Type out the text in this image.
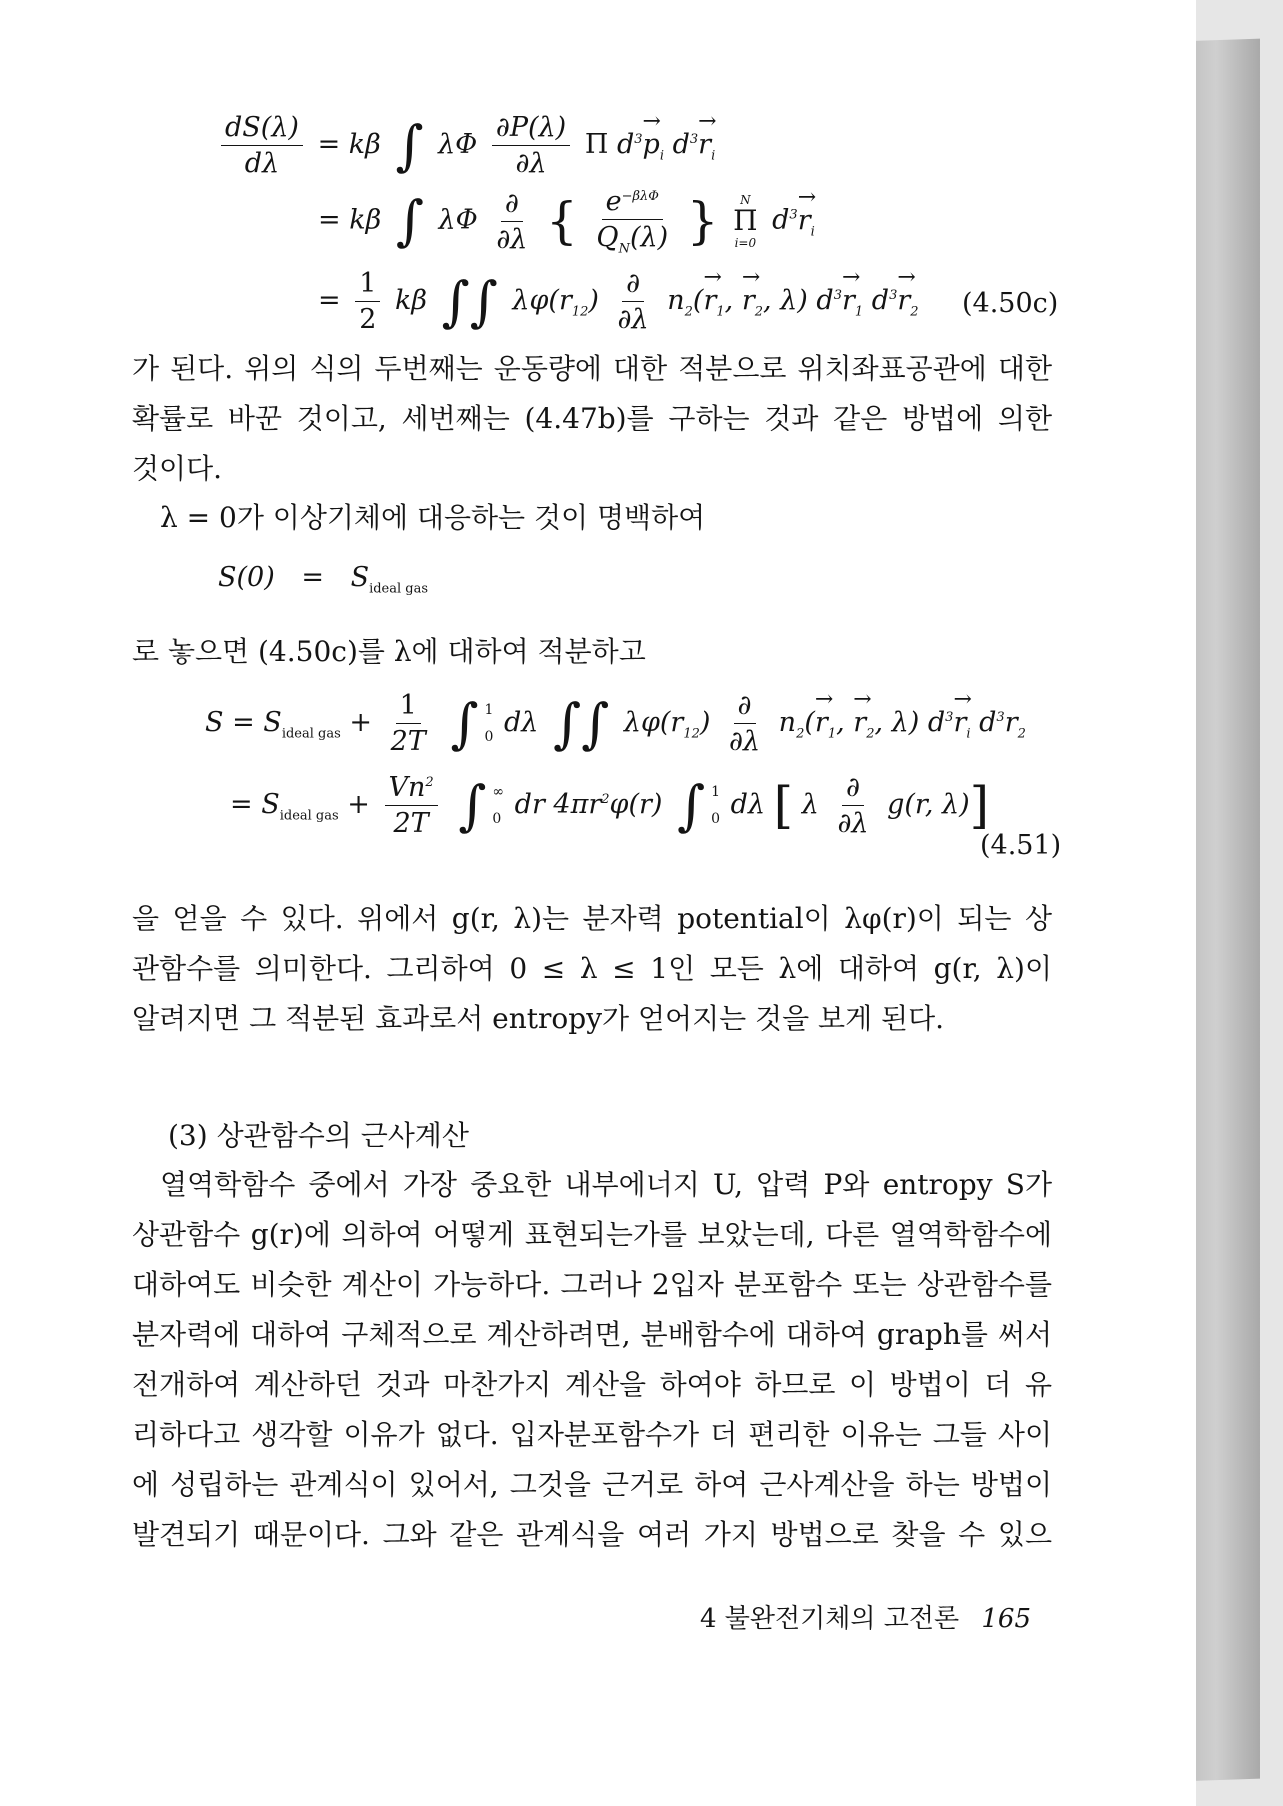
$\frac{dS(\lambda)}{d\lambda} = k\beta$ ∫ λΦ $\frac{\partial P(\lambda)}{\partial\lambda}$ Π $d^3\to p_i$ $d^3\to r_i$
= kβ ∫ λΦ $\frac{\partial}{\partial\lambda}$ { $\frac{e^{-\beta\lambda\Phi}}{Q_N(\lambda)}$ } N
Π
i=0
$d^3\to r_i$
= $\frac{1}{2}$ kβ ∫∫ $\lambda\varphi(r_{12}) \frac{\partial}{\partial\lambda} n_2(\to r_1$, → $r_2$, λ) $d^3\to r_1$ $d^3\to r_2$ (4.50c)
가 된다. 위의 식의 두번째는 운동량에 대한 적분으로 위치좌표공관에 대한
확률로 바꾼 것이고, 세번째는 (4.47b)를 구하는 것과 같은 방법에 의한
것이다.
λ = 0가 이상기체에 대응하는 것이 명백하여
$S(0) = S_{ideal gas}$
로 놓으면 (4.50c)를 λ에 대하여 적분하고
$S = S_{ideal gas} + \frac{1}{2T}$ ∫ 1
0 dλ ∫∫ $\lambda\varphi(r_{12}) \frac{\partial}{\partial\lambda} n_2(\to r_1$, → $r_2$, λ) $d^3\to r_i$ $d^3r_2$
= $S_{ideal gas} + \frac{Vn^2}{2T}$ ∫ ∞
0 dr $4\pi r^2\varphi(r)$ ∫ 1
0 dλ [ λ $\frac{\partial}{\partial\lambda} g(r$, λ)]
(4.51)
을 얻을 수 있다. 위에서 g(r, λ)는 분자력 potential이 λφ(r)이 되는 상
관함수를 의미한다. 그리하여 0 ≤ λ ≤ 1인 모든 λ에 대하여 g(r, λ)이
알려지면 그 적분된 효과로서 entropy가 얻어지는 것을 보게 된다.
(3) 상관함수의 근사계산
열역학함수 중에서 가장 중요한 내부에너지 U, 압력 P와 entropy S가
상관함수 g(r)에 의하여 어떻게 표현되는가를 보았는데, 다른 열역학함수에
대하여도 비슷한 계산이 가능하다. 그러나 2입자 분포함수 또는 상관함수를
분자력에 대하여 구체적으로 계산하려면, 분배함수에 대하여 graph를 써서
전개하여 계산하던 것과 마찬가지 계산을 하여야 하므로 이 방법이 더 유
리하다고 생각할 이유가 없다. 입자분포함수가 더 편리한 이유는 그들 사이
에 성립하는 관계식이 있어서, 그것을 근거로 하여 근사계산을 하는 방법이
발견되기 때문이다. 그와 같은 관계식을 여러 가지 방법으로 찾을 수 있으
4 불완전기체의 고전론 165
